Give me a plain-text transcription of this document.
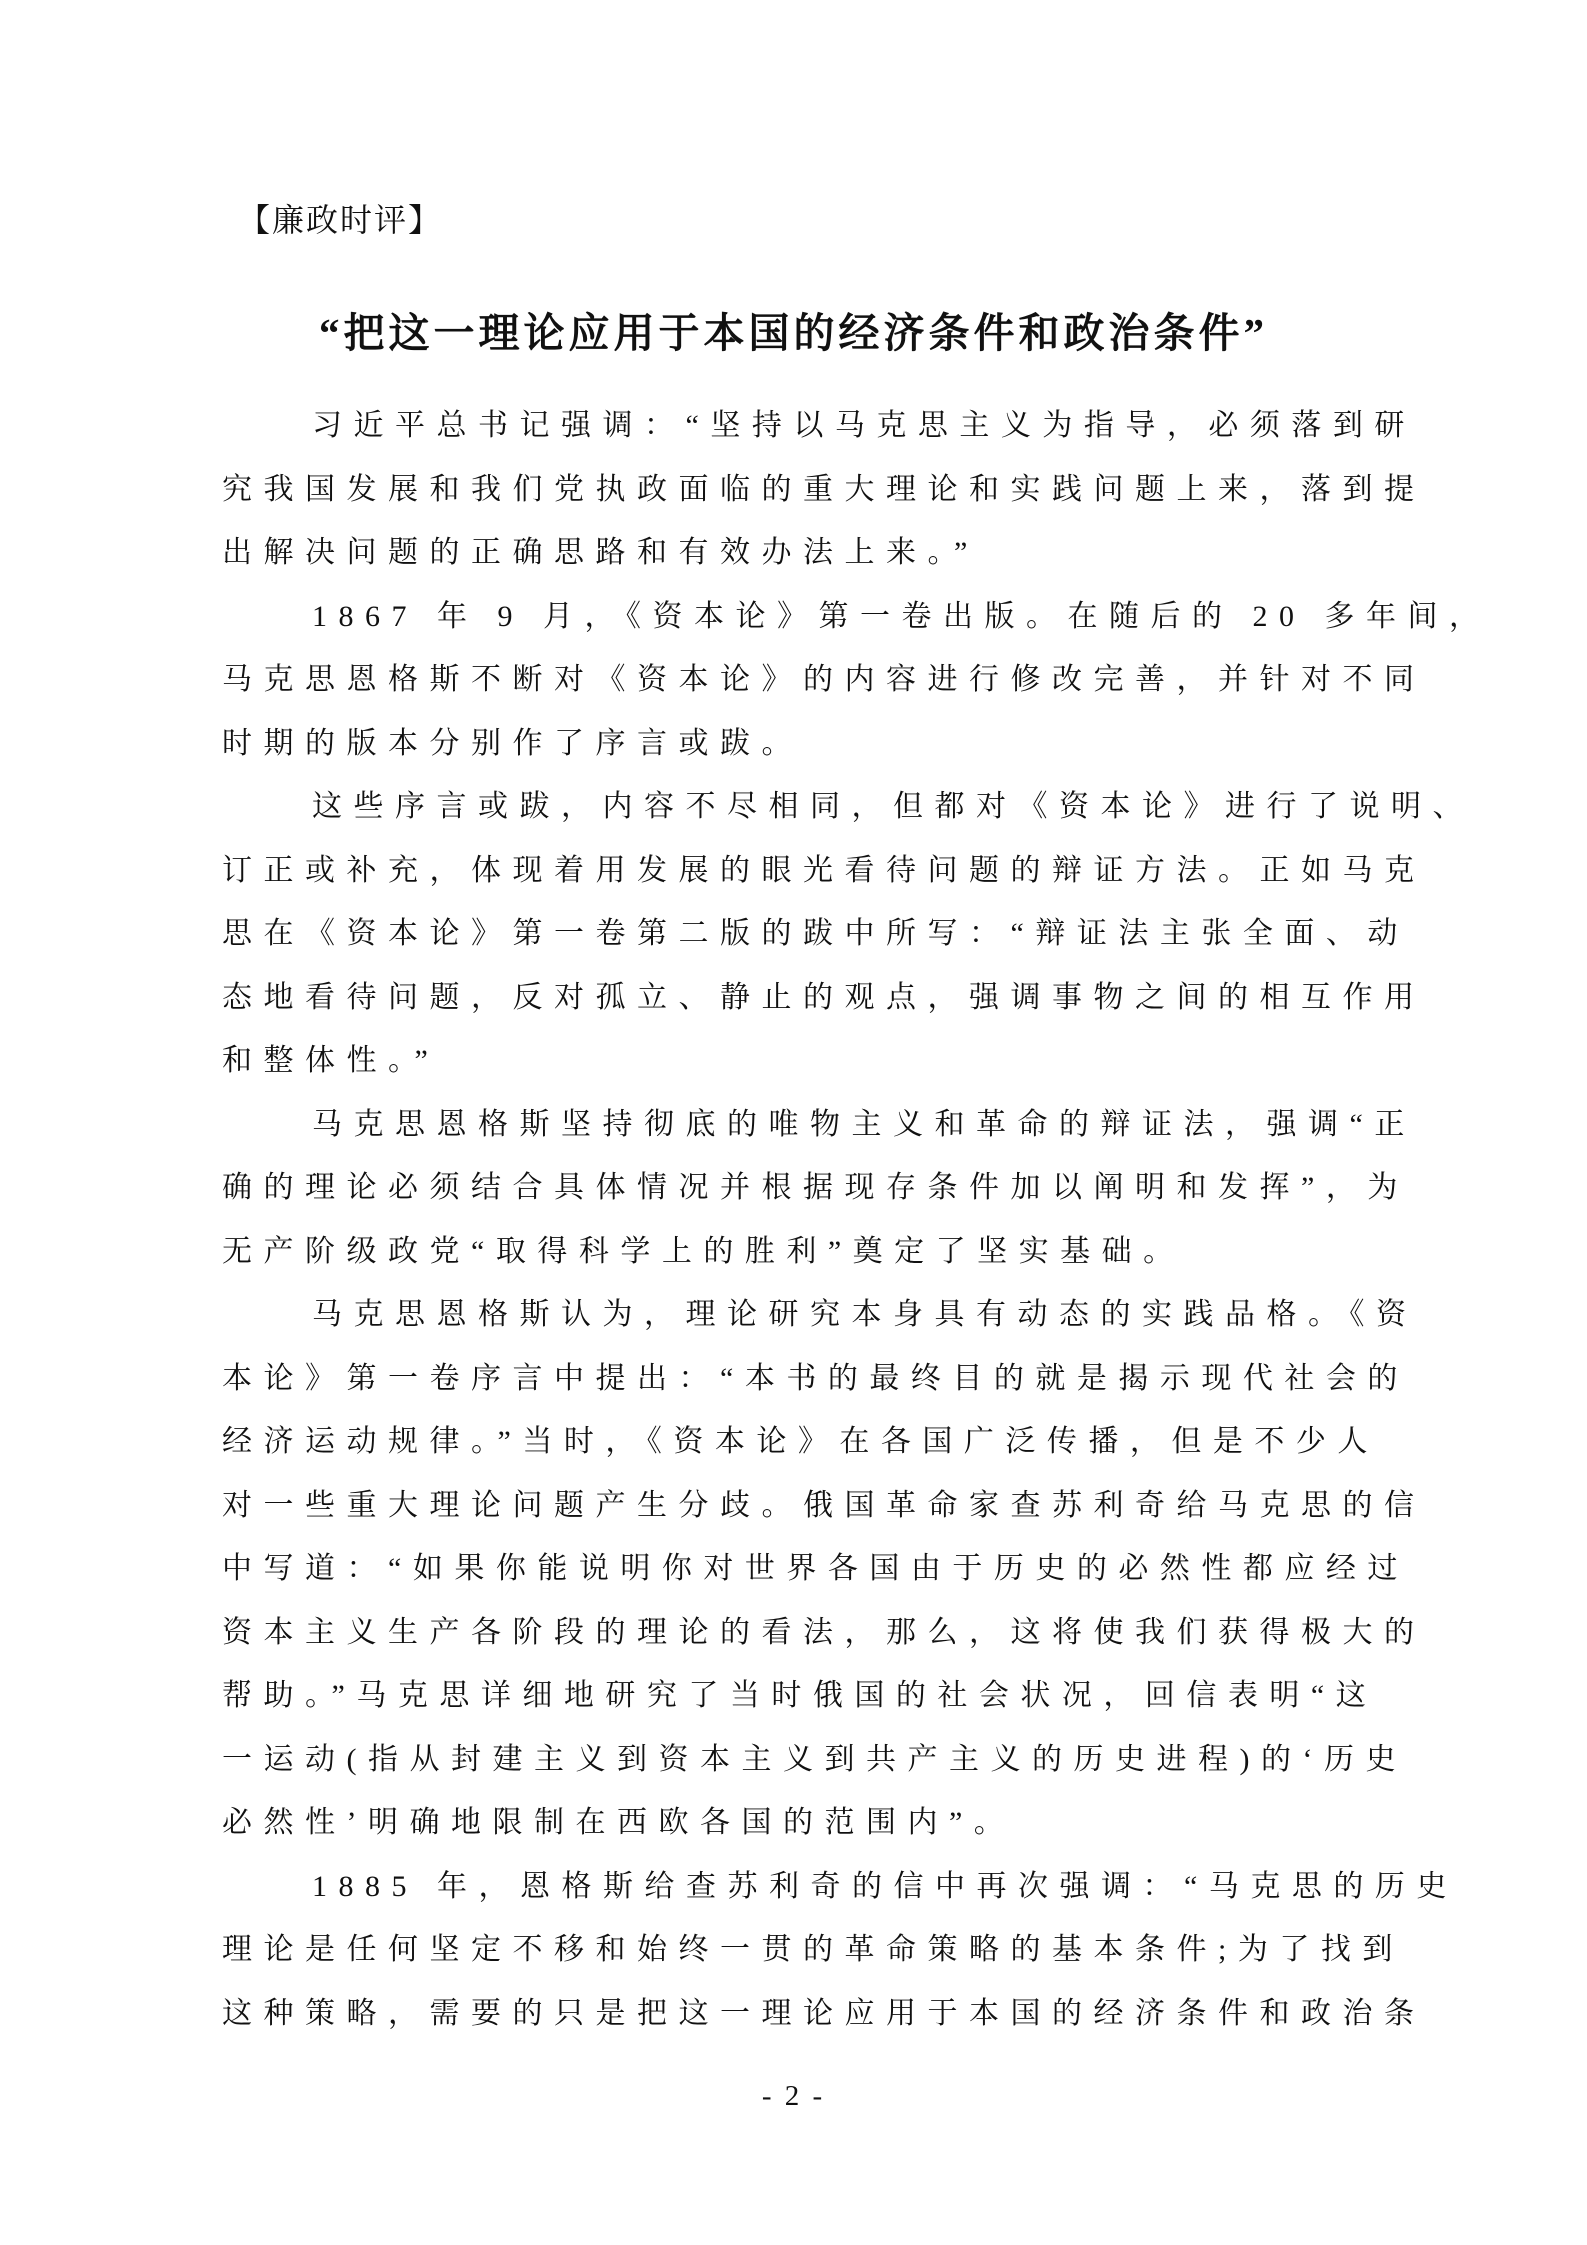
【廉政时评】
“把这一理论应用于本国的经济条件和政治条件”
习近平总书记强调：“坚持以马克思主义为指导，必须落到研
究我国发展和我们党执政面临的重大理论和实践问题上来，落到提
出解决问题的正确思路和有效办法上来。”
1867 年 9 月，《资本论》第一卷出版。在随后的 20 多年间，
马克思恩格斯不断对《资本论》的内容进行修改完善，并针对不同
时期的版本分别作了序言或跋。
这些序言或跋，内容不尽相同，但都对《资本论》进行了说明、
订正或补充，体现着用发展的眼光看待问题的辩证方法。正如马克
思在《资本论》第一卷第二版的跋中所写：“辩证法主张全面、动
态地看待问题，反对孤立、静止的观点，强调事物之间的相互作用
和整体性。”
马克思恩格斯坚持彻底的唯物主义和革命的辩证法，强调“正
确的理论必须结合具体情况并根据现存条件加以阐明和发挥”，为
无产阶级政党“取得科学上的胜利”奠定了坚实基础。
马克思恩格斯认为，理论研究本身具有动态的实践品格。《资
本论》第一卷序言中提出：“本书的最终目的就是揭示现代社会的
经济运动规律。”当时，《资本论》在各国广泛传播，但是不少人
对一些重大理论问题产生分歧。俄国革命家查苏利奇给马克思的信
中写道：“如果你能说明你对世界各国由于历史的必然性都应经过
资本主义生产各阶段的理论的看法，那么，这将使我们获得极大的
帮助。”马克思详细地研究了当时俄国的社会状况，回信表明“这
一运动(指从封建主义到资本主义到共产主义的历史进程)的‘历史
必然性’明确地限制在西欧各国的范围内”。
1885 年，恩格斯给查苏利奇的信中再次强调：“马克思的历史
理论是任何坚定不移和始终一贯的革命策略的基本条件;为了找到
这种策略，需要的只是把这一理论应用于本国的经济条件和政治条
- 2 -
